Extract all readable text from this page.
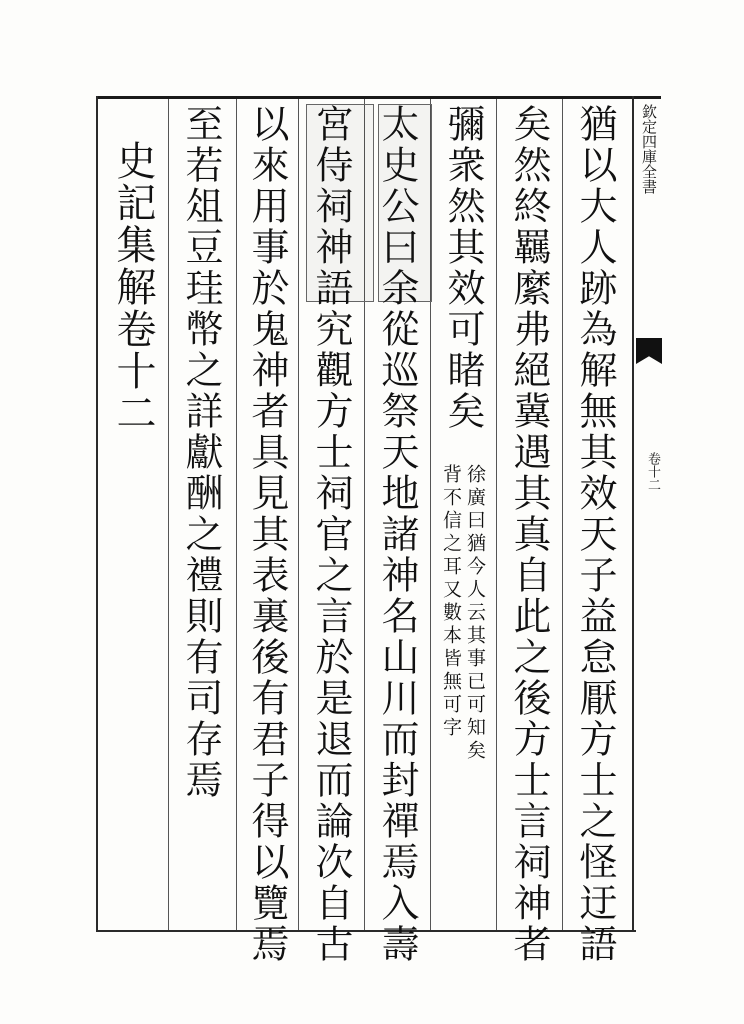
欽定四庫全書
卷十二
猶以大人跡為解無其效天子益怠厭方士之怪迂語
矣然終羈縻弗絕冀遇其真自此之後方士言祠神者
彌衆然其效可睹矣
徐廣曰猶今人云其事已可知矣
背不信之耳又數本皆無可字
太史公曰余從巡祭天地諸神名山川而封禪焉入壽
宮侍祠神語究觀方士祠官之言於是退而論次自古
以來用事於鬼神者具見其表裏後有君子得以覽焉
至若俎豆珪幣之詳獻酬之禮則有司存焉
史記集解卷十二
